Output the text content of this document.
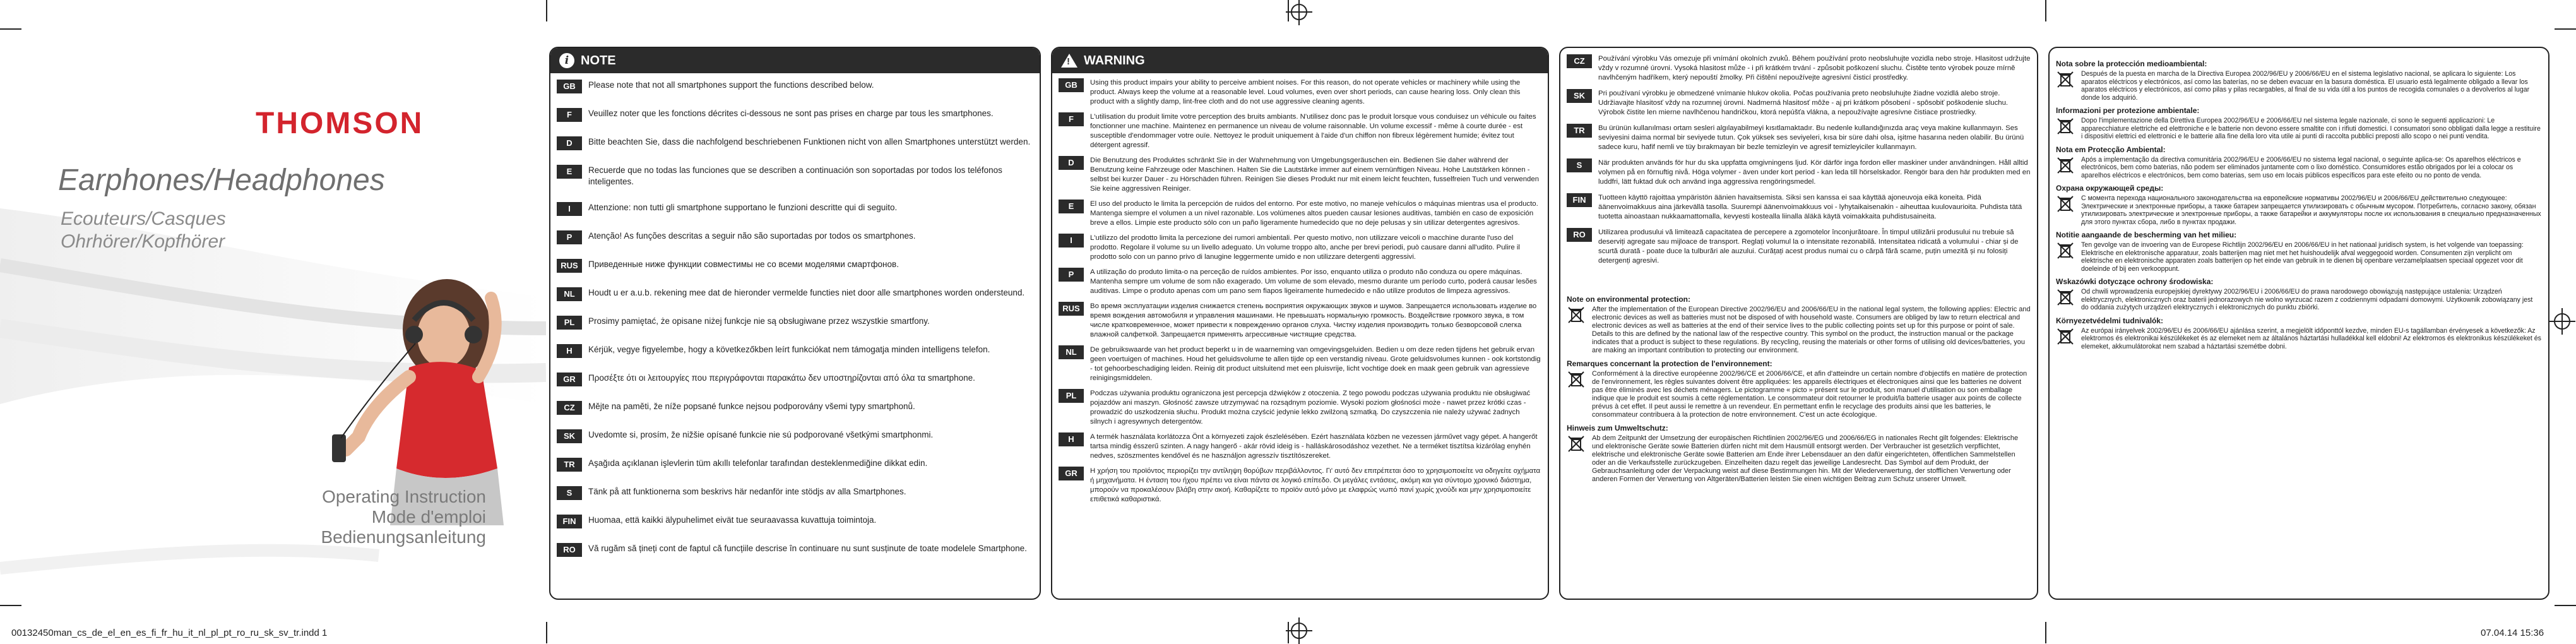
THOMSON
Earphones/Headphones
Ecouteurs/Casques
Ohrhörer/Kopfhörer
Operating Instruction
Mode d'emploi
Bedienungsanleitung
i NOTE
GB	Please note that not all smartphones support the functions described below.
F	Veuillez noter que les fonctions décrites ci-dessous ne sont pas prises en charge par tous les smartphones.
D	Bitte beachten Sie, dass die nachfolgend beschriebenen Funktionen nicht von allen Smartphones unterstützt werden.
E	Recuerde que no todas las funciones que se describen a continuación son soportadas por todos los teléfonos inteligentes.
I	Attenzione: non tutti gli smartphone supportano le funzioni descritte qui di seguito.
P	Atenção! As funções descritas a seguir não são suportadas por todos os smartphones.
RUS	Приведенные ниже функции совместимы не со всеми моделями смартфонов.
NL	Houdt u er a.u.b. rekening mee dat de hieronder vermelde functies niet door alle smartphones worden ondersteund.
PL	Prosimy pamiętać, że opisane niżej funkcje nie są obsługiwane przez wszystkie smartfony.
H	Kérjük, vegye figyelembe, hogy a következőkben leírt funkciókat nem támogatja minden intelligens telefon.
GR	Προσέξτε ότι οι λειτουργίες που περιγράφονται παρακάτω δεν υποστηρίζονται από όλα τα smartphone.
CZ	Mějte na paměti, že níže popsané funkce nejsou podporovány všemi typy smartphonů.
SK	Uvedomte si, prosím, že nižšie opísané funkcie nie sú podporované všetkými smartphonmi.
TR	Aşağıda açıklanan işlevlerin tüm akıllı telefonlar tarafından desteklenmediğine dikkat edin.
S	Tänk på att funktionerna som beskrivs här nedanför inte stödjs av alla Smartphones.
FIN	Huomaa, että kaikki älypuhelimet eivät tue seuraavassa kuvattuja toimintoja.
RO	Vă rugăm să țineți cont de faptul că funcțiile descrise în continuare nu sunt susținute de toate modelele Smartphone.
! WARNING
GB	Using this product impairs your ability to perceive ambient noises. For this reason, do not operate vehicles or machinery while using the product. Always keep the volume at a reasonable level. Loud volumes, even over short periods, can cause hearing loss. Only clean this product with a slightly damp, lint-free cloth and do not use aggressive cleaning agents.
F	L'utilisation du produit limite votre perception des bruits ambiants. N'utilisez donc pas le produit lorsque vous conduisez un véhicule ou faites fonctionner une machine. Maintenez en permanence un niveau de volume raisonnable. Un volume excessif - même à courte durée - est susceptible d'endommager votre ouïe. Nettoyez le produit uniquement à l'aide d'un chiffon non fibreux légèrement humide; évitez tout détergent agressif.
D	Die Benutzung des Produktes schränkt Sie in der Wahrnehmung von Umgebungsgeräuschen ein. Bedienen Sie daher während der Benutzung keine Fahrzeuge oder Maschinen. Halten Sie die Lautstärke immer auf einem vernünftigen Niveau. Hohe Lautstärken können - selbst bei kurzer Dauer - zu Hörschäden führen. Reinigen Sie dieses Produkt nur mit einem leicht feuchten, fusselfreien Tuch und verwenden Sie keine aggressiven Reiniger.
E	El uso del producto le limita la percepción de ruidos del entorno. Por este motivo, no maneje vehículos o máquinas mientras usa el producto. Mantenga siempre el volumen a un nivel razonable. Los volúmenes altos pueden causar lesiones auditivas, también en caso de exposición breve a ellos. Limpie este producto sólo con un paño ligeramente humedecido que no deje pelusas y sin utilizar detergentes agresivos.
I	L'utilizzo del prodotto limita la percezione dei rumori ambientali. Per questo motivo, non utilizzare veicoli o macchine durante l'uso del prodotto. Regolare il volume su un livello adeguato. Un volume troppo alto, anche per brevi periodi, può causare danni all'udito. Pulire il prodotto solo con un panno privo di lanugine leggermente umido e non utilizzare detergenti aggressivi.
P	A utilização do produto limita-o na perceção de ruídos ambientes. Por isso, enquanto utiliza o produto não conduza ou opere máquinas. Mantenha sempre um volume de som não exagerado. Um volume de som elevado, mesmo durante um período curto, poderá causar lesões auditivas. Limpe o produto apenas com um pano sem fiapos ligeiramente humedecido e não utilize produtos de limpeza agressivos.
RUS	Во время эксплуатации изделия снижается степень восприятия окружающих звуков и шумов. Запрещается использовать изделие во время вождения автомобиля и управления машинами. Не превышать нормальную громкость. Воздействие громкого звука, в том числе кратковременное, может привести к повреждению органов слуха. Чистку изделия производить только безворсовой слегка влажной салфеткой. Запрещается применять агрессивные чистящие средства.
NL	De gebruikswaarde van het product beperkt u in de waarneming van omgevingsgeluiden. Bedien u om deze reden tijdens het gebruik ervan geen voertuigen of machines. Houd het geluidsvolume te allen tijde op een verstandig niveau. Grote geluidsvolumes kunnen - ook kortstondig - tot gehoorbeschadiging leiden. Reinig dit product uitsluitend met een pluisvrije, licht vochtige doek en maak geen gebruik van agressieve reinigingsmiddelen.
PL	Podczas używania produktu ograniczona jest percepcja dźwięków z otoczenia. Z tego powodu podczas używania produktu nie obsługiwać pojazdów ani maszyn. Głośność zawsze utrzymywać na rozsądnym poziomie. Wysoki poziom głośności może - nawet przez krótki czas - prowadzić do uszkodzenia słuchu. Produkt można czyścić jedynie lekko zwilżoną szmatką. Do czyszczenia nie należy używać żadnych silnych i agresywnych detergentów.
H	A termék használata korlátozza Önt a környezeti zajok észlelésében. Ezért használata közben ne vezessen járművet vagy gépet. A hangerőt tartsa mindig ésszerű szinten. A nagy hangerő - akár rövid ideig is - halláskárosodáshoz vezethet. Ne a terméket tisztítsa kizárólag enyhén nedves, szöszmentes kendővel és ne használjon agresszív tisztítószereket.
GR	Η χρήση του προϊόντος περιορίζει την αντίληψη θορύβων περιβάλλοντος. Γι' αυτό δεν επιτρέπεται όσο το χρησιμοποιείτε να οδηγείτε οχήματα ή μηχανήματα. Η ένταση του ήχου πρέπει να είναι πάντα σε λογικό επίπεδο. Οι μεγάλες εντάσεις, ακόμη και για σύντομο χρονικό διάστημα, μπορούν να προκαλέσουν βλάβη στην ακοή. Καθαρίζετε το προϊόν αυτό μόνο με ελαφρώς νωπό πανί χωρίς χνούδι και μην χρησιμοποιείτε επιθετικά καθαριστικά.
CZ	Používání výrobku Vás omezuje při vnímání okolních zvuků. Během používání proto neobsluhujte vozidla nebo stroje. Hlasitost udržujte vždy v rozumné úrovni. Vysoká hlasitost může - i při krátkém trvání - způsobit poškození sluchu. Čistěte tento výrobek pouze mírně navlhčeným hadříkem, který nepouští žmolky. Při čištění nepoužívejte agresivní čisticí prostředky.
SK	Pri používaní výrobku je obmedzené vnímanie hlukov okolia. Počas používania preto neobsluhujte žiadne vozidlá alebo stroje. Udržiavajte hlasitosť vždy na rozumnej úrovni. Nadmerná hlasitosť môže - aj pri krátkom pôsobení - spôsobiť poškodenie sluchu. Výrobok čistite len mierne navlhčenou handričkou, ktorá nepúšťa vlákna, a nepoužívajte agresívne čistiace prostriedky.
TR	Bu ürünün kullanılması ortam sesleri algılayabilmeyi kısıtlamaktadır. Bu nedenle kullandığınızda araç veya makine kullanmayın. Ses seviyesini daima normal bir seviyede tutun. Çok yüksek ses seviyeleri, kısa bir süre dahi olsa, işitme hasarına neden olabilir. Bu ürünü sadece kuru, hafif nemli ve tüy bırakmayan bir bezle temizleyin ve agresif temizleyiciler kullanmayın.
S	När produkten används för hur du ska uppfatta omgivningens ljud. Kör därför inga fordon eller maskiner under användningen. Håll alltid volymen på en förnuftig nivå. Höga volymer - även under kort period - kan leda till hörselskador. Rengör bara den här produkten med en luddfri, lätt fuktad duk och använd inga aggressiva rengöringsmedel.
FIN	Tuotteen käyttö rajoittaa ympäristön äänien havaitsemista. Siksi sen kanssa ei saa käyttää ajoneuvoja eikä koneita. Pidä äänenvoimakkuus aina järkevällä tasolla. Suurempi äänenvoimakkuus voi - lyhytaikaisenakin - aiheuttaa kuulovaurioita. Puhdista tätä tuotetta ainoastaan nukkaamattomalla, kevyesti kostealla liinalla äläkä käytä voimakkaita puhdistusaineita.
RO	Utilizarea produsului vă limitează capacitatea de percepere a zgomotelor înconjurătoare. În timpul utilizării produsului nu trebuie să deserviți agregate sau mijloace de transport. Reglați volumul la o intensitate rezonabilă. Intensitatea ridicată a volumului - chiar și de scurtă durată - poate duce la tulburări ale auzului. Curățați acest produs numai cu o cârpă fără scame, puțin umezită și nu folosiți detergenți agresivi.
Note on environmental protection:
After the implementation of the European Directive 2002/96/EU and 2006/66/EU in the national legal system, the following applies: Electric and electronic devices as well as batteries must not be disposed of with household waste. Consumers are obliged by law to return electrical and electronic devices as well as batteries at the end of their service lives to the public collecting points set up for this purpose or point of sale. Details to this are defined by the national law of the respective country. This symbol on the product, the instruction manual or the package indicates that a product is subject to these regulations. By recycling, reusing the materials or other forms of utilising old devices/batteries, you are making an important contribution to protecting our environment.
Remarques concernant la protection de l'environnement:
Conformément à la directive européenne 2002/96/CE et 2006/66/CE, et afin d'atteindre un certain nombre d'objectifs en matière de protection de l'environnement, les règles suivantes doivent être appliquées: les appareils électriques et électroniques ainsi que les batteries ne doivent pas être éliminés avec les déchets ménagers. Le pictogramme « picto » présent sur le produit, son manuel d'utilisation ou son emballage indique que le produit est soumis à cette réglementation. Le consommateur doit retourner le produit/la batterie usager aux points de collecte prévus à cet effet. Il peut aussi le remettre à un revendeur. En permettant enfin le recyclage des produits ainsi que les batteries, le consommateur contribuera à la protection de notre environnement. C'est un acte écologique.
Hinweis zum Umweltschutz:
Ab dem Zeitpunkt der Umsetzung der europäischen Richtlinien 2002/96/EG und 2006/66/EG in nationales Recht gilt folgendes: Elektrische und elektronische Geräte sowie Batterien dürfen nicht mit dem Hausmüll entsorgt werden. Der Verbraucher ist gesetzlich verpflichtet, elektrische und elektronische Geräte sowie Batterien am Ende ihrer Lebensdauer an den dafür eingerichteten, öffentlichen Sammelstellen oder an die Verkaufsstelle zurückzugeben. Einzelheiten dazu regelt das jeweilige Landesrecht. Das Symbol auf dem Produkt, der Gebrauchsanleitung oder der Verpackung weist auf diese Bestimmungen hin. Mit der Wiederverwertung, der stofflichen Verwertung oder anderen Formen der Verwertung von Altgeräten/Batterien leisten Sie einen wichtigen Beitrag zum Schutz unserer Umwelt.
Nota sobre la protección medioambiental:
Después de la puesta en marcha de la Directiva Europea 2002/96/EU y 2006/66/EU en el sistema legislativo nacional, se aplicara lo siguiente: Los aparatos eléctricos y electrónicos, así como las baterías, no se deben evacuar en la basura doméstica. El usuario está legalmente obligado a llevar los aparatos eléctricos y electrónicos, así como pilas y pilas recargables, al final de su vida útil a los puntos de recogida comunales o a devolverlos al lugar donde los adquirió.
Informazioni per protezione ambientale:
Dopo l'implementazione della Direttiva Europea 2002/96/EU e 2006/66/EU nel sistema legale nazionale, ci sono le seguenti applicazioni: Le apparecchiature elettriche ed elettroniche e le batterie non devono essere smaltite con i rifiuti domestici. I consumatori sono obbligati dalla legge a restituire i dispositivi elettrici ed elettronici e le batterie alla fine della loro vita utile ai punti di raccolta pubblici preposti allo scopo o nei punti vendita.
Nota em Protecção Ambiental:
Após a implementação da directiva comunitária 2002/96/EU e 2006/66/EU no sistema legal nacional, o seguinte aplica-se: Os aparelhos eléctricos e electrónicos, bem como baterias, não podem ser eliminados juntamente com o lixo doméstico. Consumidores estão obrigados por lei a colocar os aparelhos eléctricos e electrónicos, bem como baterias, sem uso em locais públicos específicos para este efeito ou no ponto de venda.
Охрана окружающей среды:
С момента перехода национального законодательства на европейские нормативы 2002/96/EU и 2006/66/EU действительно следующее: Электрические и электронные приборы, а также батареи запрещается утилизировать с обычным мусором. Потребитель, согласно закону, обязан утилизировать электрические и электронные приборы, а также батарейки и аккумуляторы после их использования в специально предназначенных для этого пунктах сбора, либо в пунктах продажи.
Notitie aangaande de bescherming van het milieu:
Ten gevolge van de invoering van de Europese Richtlijn 2002/96/EU en 2006/66/EU in het nationaal juridisch system, is het volgende van toepassing: Elektrische en elektronische apparatuur, zoals batterijen mag niet met het huishoudelijk afval weggegooid worden. Consumenten zijn verplicht om elektrische en elektronische apparaten zoals batterijen op het einde van gebruik in te dienen bij openbare verzamelplaatsen speciaal opgezet voor dit doeleinde of bij een verkooppunt.
Wskazówki dotyczące ochrony środowiska:
Od chwili wprowadzenia europejskiej dyrektywy 2002/96/EU i 2006/66/EU do prawa narodowego obowiązują następujące ustalenia: Urządzeń elektrycznych, elektronicznych oraz baterii jednorazowych nie wolno wyrzucać razem z codziennymi odpadami domowymi. Użytkownik zobowiązany jest do oddania zużytych urządzeń elektrycznych i elektronicznych do punktu zbiórki.
Környezetvédelmi tudnivalók:
Az európai irányelvek 2002/96/EU és 2006/66/EU ajánlása szerint, a megjelölt időponttól kezdve, minden EU-s tagállamban érvényesek a következők: Az elektromos és elektronikai készülékeket és az elemeket nem az általános háztartási hulladékkal kell eldobni! Az elektromos és elektronikus készülékeket és elemeket, akkumulátorokat nem szabad a háztartási szemétbe dobni.
00132450man_cs_de_el_en_es_fi_fr_hu_it_nl_pl_pt_ro_ru_sk_sv_tr.indd 1	07.04.14 15:36
